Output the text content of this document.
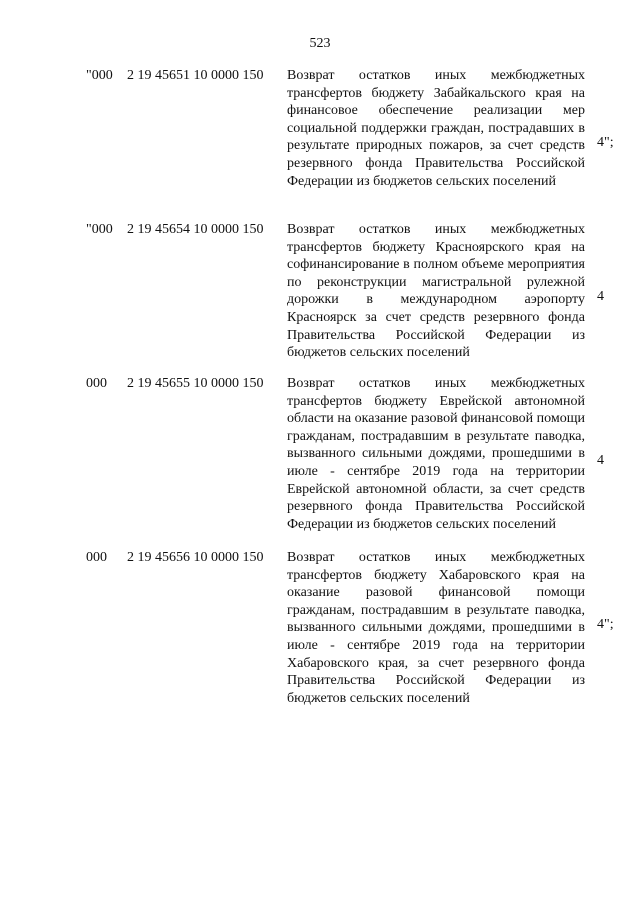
523
"000 2 19 45651 10 0000 150 Возврат остатков иных межбюджетных трансфертов бюджету Забайкальского края на финансовое обеспечение реализации мер социальной поддержки граждан, пострадавших в результате природных пожаров, за счет средств резервного фонда Правительства Российской Федерации из бюджетов сельских поселений
4";
"000 2 19 45654 10 0000 150 Возврат остатков иных межбюджетных трансфертов бюджету Красноярского края на софинансирование в полном объеме мероприятия по реконструкции магистральной рулежной дорожки в международном аэропорту Красноярск за счет средств резервного фонда Правительства Российской Федерации из бюджетов сельских поселений
4
000 2 19 45655 10 0000 150 Возврат остатков иных межбюджетных трансфертов бюджету Еврейской автономной области на оказание разовой финансовой помощи гражданам, пострадавшим в результате паводка, вызванного сильными дождями, прошедшими в июле - сентябре 2019 года на территории Еврейской автономной области, за счет средств резервного фонда Правительства Российской Федерации из бюджетов сельских поселений
4
000 2 19 45656 10 0000 150 Возврат остатков иных межбюджетных трансфертов бюджету Хабаровского края на оказание разовой финансовой помощи гражданам, пострадавшим в результате паводка, вызванного сильными дождями, прошедшими в июле - сентябре 2019 года на территории Хабаровского края, за счет резервного фонда Правительства Российской Федерации из бюджетов сельских поселений
4";
